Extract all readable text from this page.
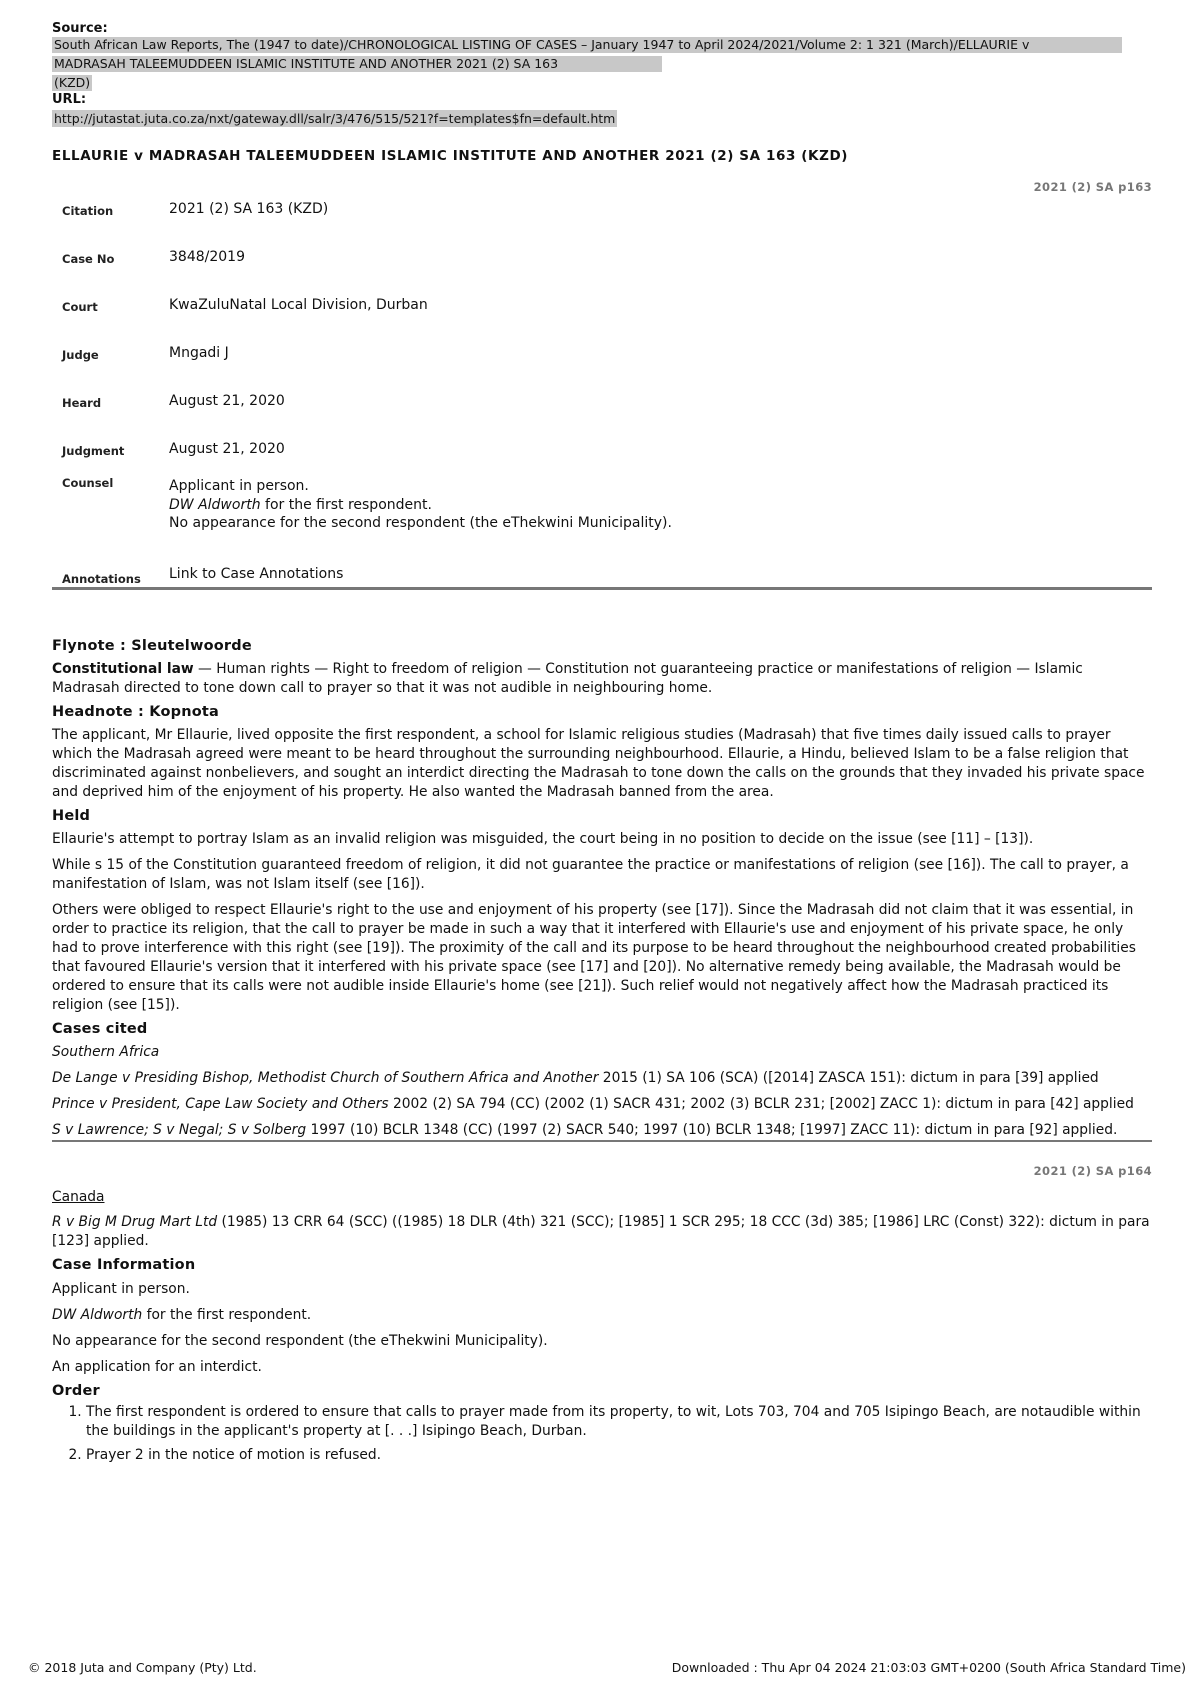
Source:

South African Law Reports, The (1947 to date)/CHRONOLOGICAL LISTING OF CASES – January 1947 to April 2024/2021/Volume 2: 1 321 (March)/ELLAURIE v
MADRASAH TALEEMUDDEEN ISLAMIC INSTITUTE AND ANOTHER 2021 (2) SA 163
(KZD)

URL:

http://jutastat.juta.co.za/nxt/gateway.dll/salr/3/476/515/521?f=templates$fn=default.htm

ELLAURIE v MADRASAH TALEEMUDDEEN ISLAMIC INSTITUTE AND ANOTHER 2021 (2) SA 163 (KZD)

2021 (2) SA p163
Citation	2021 (2) SA 163 (KZD)
Case No	3848/2019
Court	KwaZuluNatal Local Division, Durban
Judge	Mngadi J
Heard	August 21, 2020
Judgment	August 21, 2020
Counsel	Applicant in person.
DW Aldworth for the first respondent.
No appearance for the second respondent (the eThekwini Municipality).

Annotations	Link to Case Annotations
Flynote : Sleutelwoorde

Constitutional law — Human rights — Right to freedom of religion — Constitution not guaranteeing practice or manifestations of religion — Islamic Madrasah directed to tone down call to prayer so that it was not audible in neighbouring home.

Headnote : Kopnota

The applicant, Mr Ellaurie, lived opposite the first respondent, a school for Islamic religious studies (Madrasah) that five times daily issued calls to prayer which the Madrasah agreed were meant to be heard throughout the surrounding neighbourhood. Ellaurie, a Hindu, believed Islam to be a false religion that discriminated against nonbelievers, and sought an interdict directing the Madrasah to tone down the calls on the grounds that they invaded his private space and deprived him of the enjoyment of his property. He also wanted the Madrasah banned from the area.

Held

Ellaurie's attempt to portray Islam as an invalid religion was misguided, the court being in no position to decide on the issue (see [11] – [13]).

While s 15 of the Constitution guaranteed freedom of religion, it did not guarantee the practice or manifestations of religion (see [16]). The call to prayer, a manifestation of Islam, was not Islam itself (see [16]).

Others were obliged to respect Ellaurie's right to the use and enjoyment of his property (see [17]). Since the Madrasah did not claim that it was essential, in order to practice its religion, that the call to prayer be made in such a way that it interfered with Ellaurie's use and enjoyment of his private space, he only had to prove interference with this right (see [19]). The proximity of the call and its purpose to be heard throughout the neighbourhood created probabilities that favoured Ellaurie's version that it interfered with his private space (see [17] and [20]). No alternative remedy being available, the Madrasah would be ordered to ensure that its calls were not audible inside Ellaurie's home (see [21]). Such relief would not negatively affect how the Madrasah practiced its religion (see [15]).

Cases cited

Southern Africa

De Lange v Presiding Bishop, Methodist Church of Southern Africa and Another 2015 (1) SA 106 (SCA) ([2014] ZASCA 151): dictum in para [39] applied

Prince v President, Cape Law Society and Others 2002 (2) SA 794 (CC) (2002 (1) SACR 431; 2002 (3) BCLR 231; [2002] ZACC 1): dictum in para [42] applied

S v Lawrence; S v Negal; S v Solberg 1997 (10) BCLR 1348 (CC) (1997 (2) SACR 540; 1997 (10) BCLR 1348; [1997] ZACC 11): dictum in para [92] applied.

2021 (2) SA p164

Canada

R v Big M Drug Mart Ltd (1985) 13 CRR 64 (SCC) ((1985) 18 DLR (4th) 321 (SCC); [1985] 1 SCR 295; 18 CCC (3d) 385; [1986] LRC (Const) 322): dictum in para [123] applied.

Case Information

Applicant in person.

DW Aldworth for the first respondent.

No appearance for the second respondent (the eThekwini Municipality).

An application for an interdict.

Order
1. The first respondent is ordered to ensure that calls to prayer made from its property, to wit, Lots 703, 704 and 705 Isipingo Beach, are notaudible within the buildings in the applicant's property at [. . .] Isipingo Beach, Durban.
2. Prayer 2 in the notice of motion is refused.
© 2018 Juta and Company (Pty) Ltd.	Downloaded : Thu Apr 04 2024 21:03:03 GMT+0200 (South Africa Standard Time)
